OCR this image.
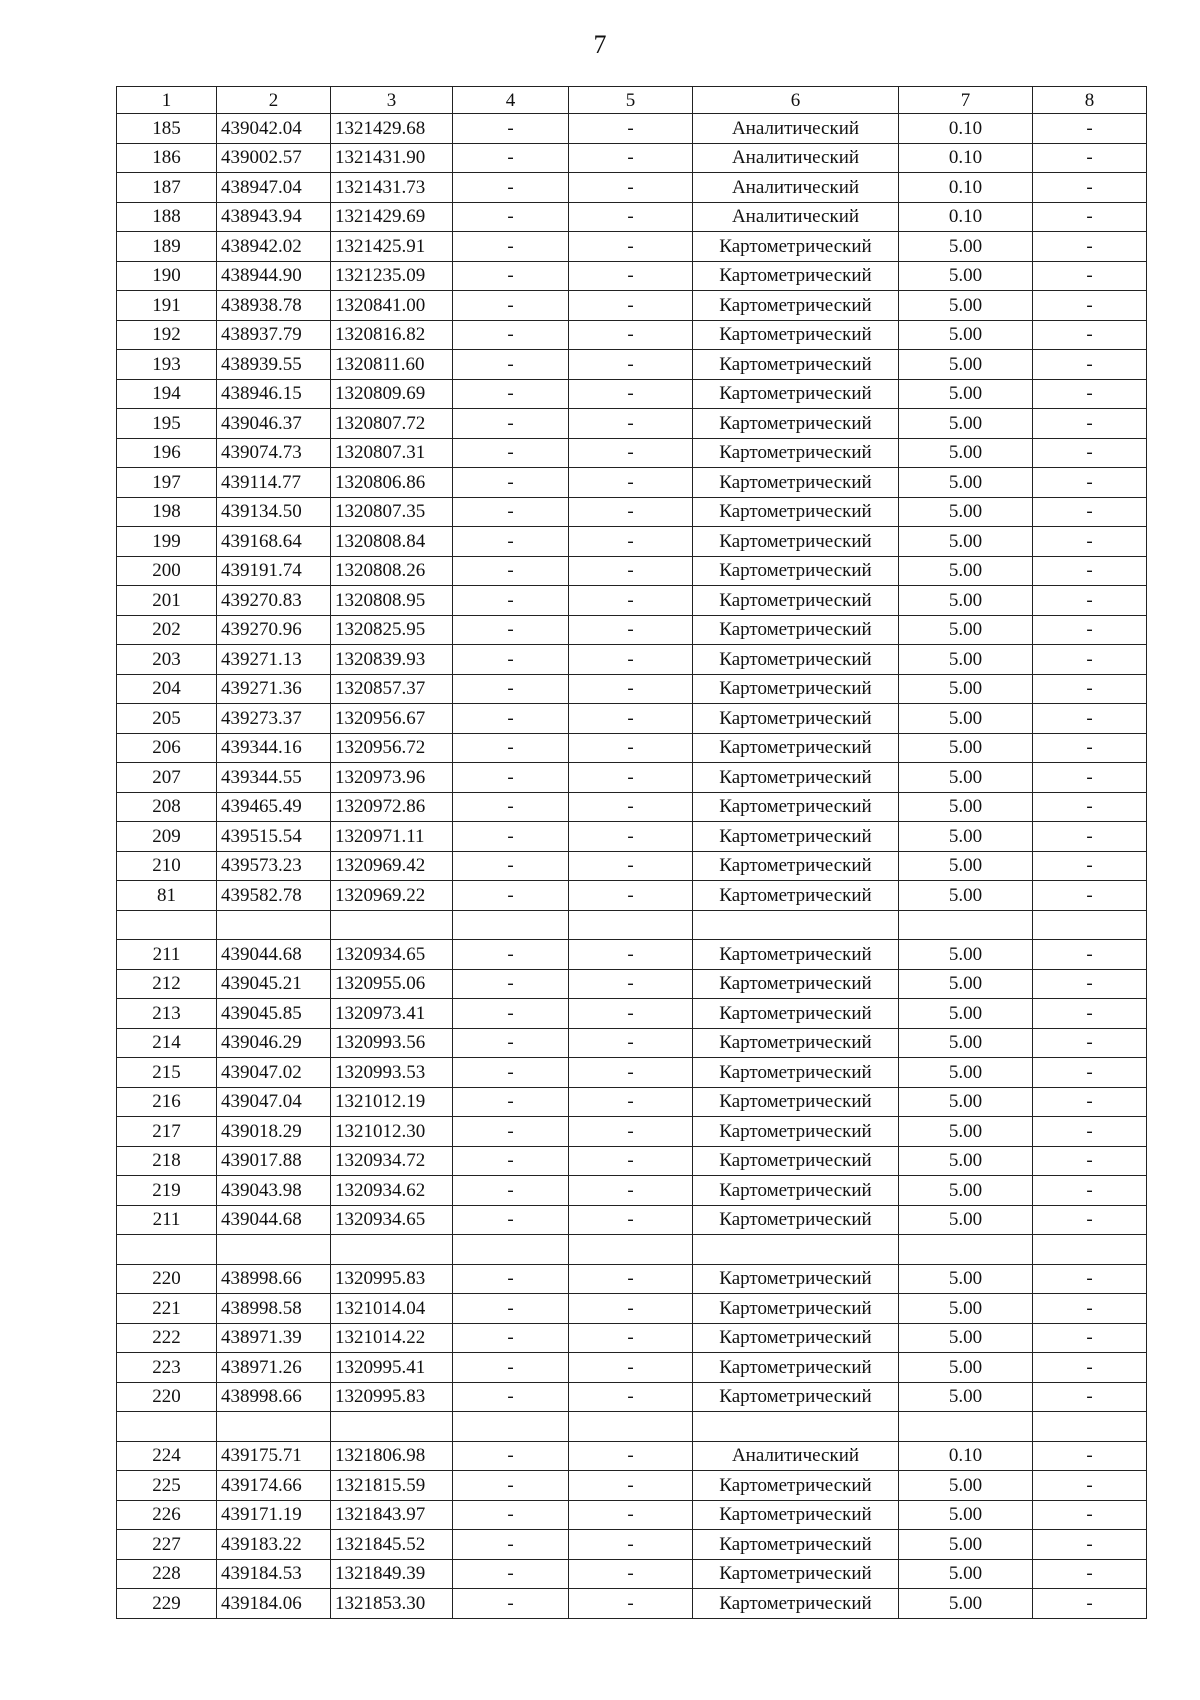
7
1	2	3	4	5	6	7	8
185	439042.04	1321429.68	-	-	Аналитический	0.10	-
186	439002.57	1321431.90	-	-	Аналитический	0.10	-
187	438947.04	1321431.73	-	-	Аналитический	0.10	-
188	438943.94	1321429.69	-	-	Аналитический	0.10	-
189	438942.02	1321425.91	-	-	Картометрический	5.00	-
190	438944.90	1321235.09	-	-	Картометрический	5.00	-
191	438938.78	1320841.00	-	-	Картометрический	5.00	-
192	438937.79	1320816.82	-	-	Картометрический	5.00	-
193	438939.55	1320811.60	-	-	Картометрический	5.00	-
194	438946.15	1320809.69	-	-	Картометрический	5.00	-
195	439046.37	1320807.72	-	-	Картометрический	5.00	-
196	439074.73	1320807.31	-	-	Картометрический	5.00	-
197	439114.77	1320806.86	-	-	Картометрический	5.00	-
198	439134.50	1320807.35	-	-	Картометрический	5.00	-
199	439168.64	1320808.84	-	-	Картометрический	5.00	-
200	439191.74	1320808.26	-	-	Картометрический	5.00	-
201	439270.83	1320808.95	-	-	Картометрический	5.00	-
202	439270.96	1320825.95	-	-	Картометрический	5.00	-
203	439271.13	1320839.93	-	-	Картометрический	5.00	-
204	439271.36	1320857.37	-	-	Картометрический	5.00	-
205	439273.37	1320956.67	-	-	Картометрический	5.00	-
206	439344.16	1320956.72	-	-	Картометрический	5.00	-
207	439344.55	1320973.96	-	-	Картометрический	5.00	-
208	439465.49	1320972.86	-	-	Картометрический	5.00	-
209	439515.54	1320971.11	-	-	Картометрический	5.00	-
210	439573.23	1320969.42	-	-	Картометрический	5.00	-
81	439582.78	1320969.22	-	-	Картометрический	5.00	-

211	439044.68	1320934.65	-	-	Картометрический	5.00	-
212	439045.21	1320955.06	-	-	Картометрический	5.00	-
213	439045.85	1320973.41	-	-	Картометрический	5.00	-
214	439046.29	1320993.56	-	-	Картометрический	5.00	-
215	439047.02	1320993.53	-	-	Картометрический	5.00	-
216	439047.04	1321012.19	-	-	Картометрический	5.00	-
217	439018.29	1321012.30	-	-	Картометрический	5.00	-
218	439017.88	1320934.72	-	-	Картометрический	5.00	-
219	439043.98	1320934.62	-	-	Картометрический	5.00	-
211	439044.68	1320934.65	-	-	Картометрический	5.00	-

220	438998.66	1320995.83	-	-	Картометрический	5.00	-
221	438998.58	1321014.04	-	-	Картометрический	5.00	-
222	438971.39	1321014.22	-	-	Картометрический	5.00	-
223	438971.26	1320995.41	-	-	Картометрический	5.00	-
220	438998.66	1320995.83	-	-	Картометрический	5.00	-

224	439175.71	1321806.98	-	-	Аналитический	0.10	-
225	439174.66	1321815.59	-	-	Картометрический	5.00	-
226	439171.19	1321843.97	-	-	Картометрический	5.00	-
227	439183.22	1321845.52	-	-	Картометрический	5.00	-
228	439184.53	1321849.39	-	-	Картометрический	5.00	-
229	439184.06	1321853.30	-	-	Картометрический	5.00	-
